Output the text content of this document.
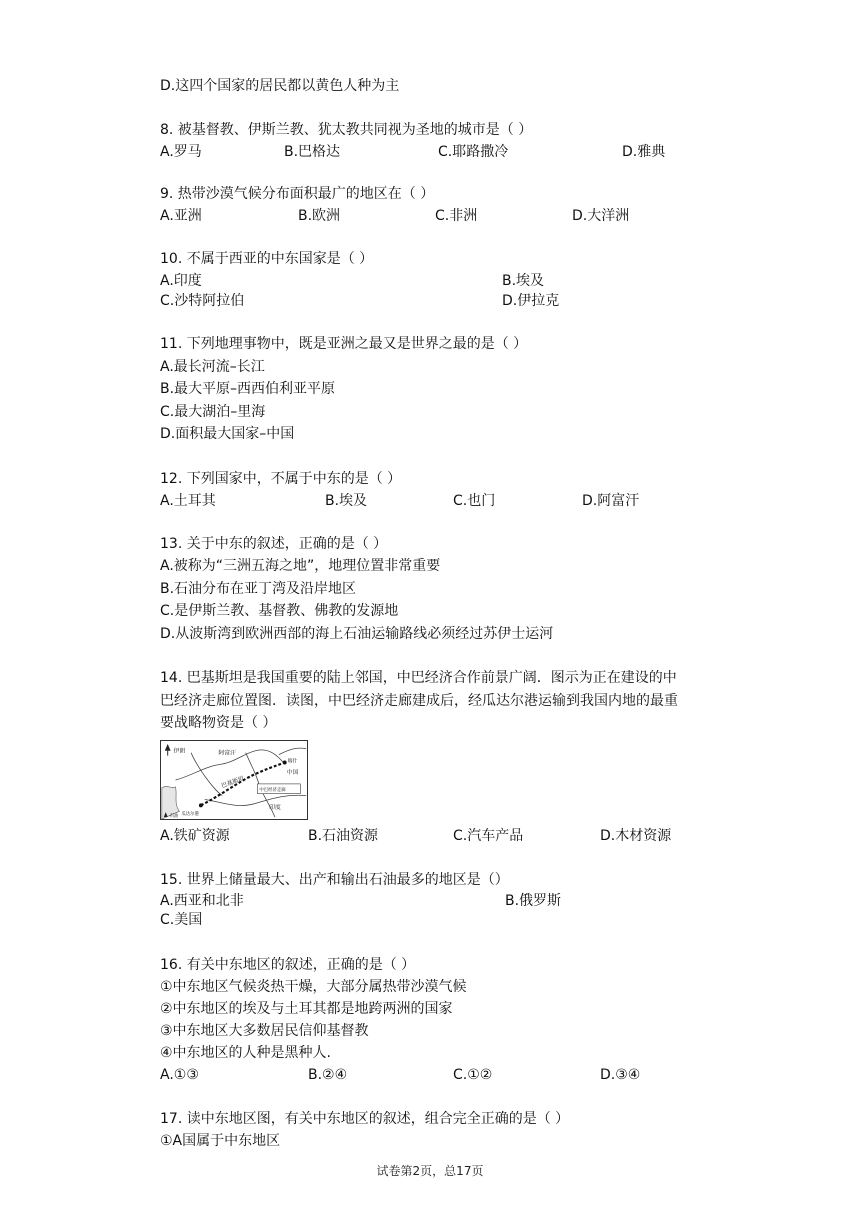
D.这四个国家的居民都以黄色人种为主
8. 被基督教、伊斯兰教、犹太教共同视为圣地的城市是（ ）
A.罗马	B.巴格达	C.耶路撒冷	D.雅典
9. 热带沙漠气候分布面积最广的地区在（ ）
A.亚洲	B.欧洲	C.非洲	D.大洋洲
10. 不属于西亚的中东国家是（ ）
A.印度	B.埃及
C.沙特阿拉伯	D.伊拉克
11. 下列地理事物中，既是亚洲之最又是世界之最的是（ ）
A.最长河流–长江
B.最大平原–西西伯利亚平原
C.最大湖泊–里海
D.面积最大国家–中国
12. 下列国家中，不属于中东的是（ ）
A.土耳其	B.埃及	C.也门	D.阿富汗
13. 关于中东的叙述，正确的是（ ）
A.被称为“三洲五海之地”，地理位置非常重要
B.石油分布在亚丁湾及沿岸地区
C.是伊斯兰教、基督教、佛教的发源地
D.从波斯湾到欧洲西部的海上石油运输路线必须经过苏伊士运河
14. 巴基斯坦是我国重要的陆上邻国，中巴经济合作前景广阔．图示为正在建设的中
巴经济走廊位置图．读图，中巴经济走廊建成后，经瓜达尔港运输到我国内地的最重
要战略物资是（ ）
伊朗	阿富汗
巴基斯坦
中国
印度
喀什
瓜达尔港
中巴经济走廊
石油
A.铁矿资源	B.石油资源	C.汽车产品	D.木材资源
15. 世界上储量最大、出产和输出石油最多的地区是（）
A.西亚和北非	B.俄罗斯
C.美国
16. 有关中东地区的叙述，正确的是（ ）
①中东地区气候炎热干燥，大部分属热带沙漠气候
②中东地区的埃及与土耳其都是地跨两洲的国家
③中东地区大多数居民信仰基督教
④中东地区的人种是黑种人.
A.①③	B.②④	C.①②	D.③④
17. 读中东地区图，有关中东地区的叙述，组合完全正确的是（ ）
①A国属于中东地区
试卷第2页，总17页
